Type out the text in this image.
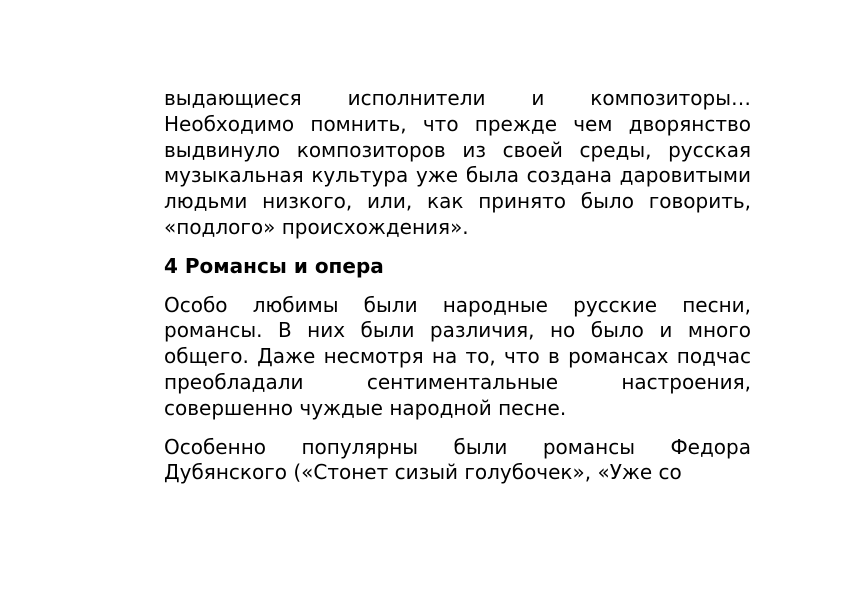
выдающиеся исполнители и композиторы… Необходимо помнить, что прежде чем дворянство выдвинуло композиторов из своей среды, русская музыкальная культура уже была создана даровитыми людьми низкого, или, как принято было говорить, «подлого» происхождения».

4 Романсы и опера

Особо любимы были народные русские песни, романсы. В них были различия, но было и много общего. Даже несмотря на то, что в романсах подчас преобладали сентиментальные настроения, совершенно чуждые народной песне.

Особенно популярны были романсы Федора Дубянского («Стонет сизый голубочек», «Уже со
